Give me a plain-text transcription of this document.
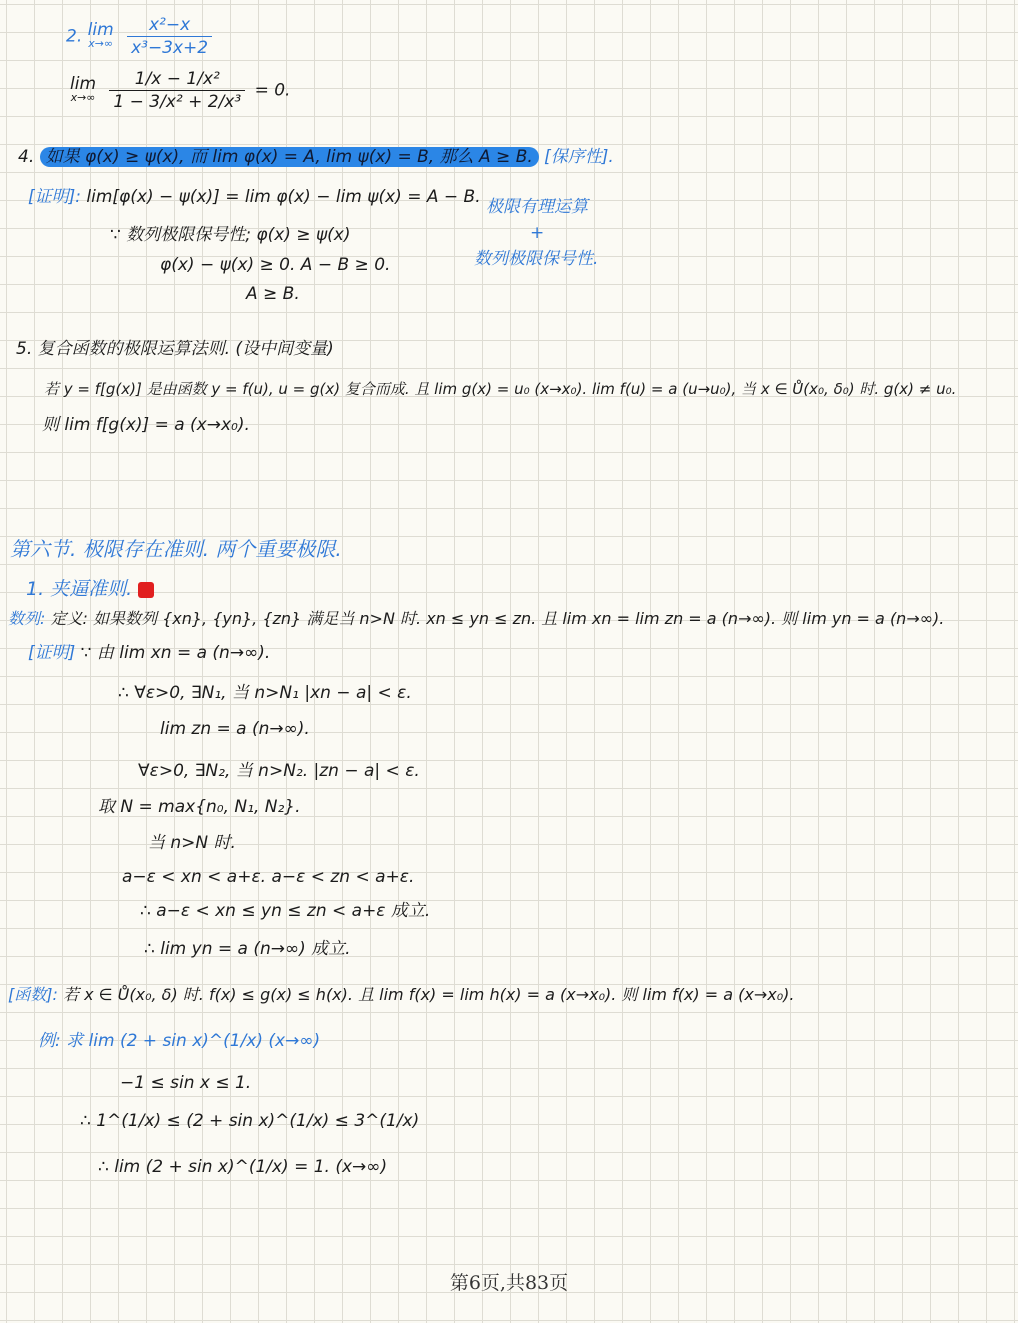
2. lim
x→∞
$\frac{\text{x²−x}}{\text{x³−3x+2}}$
lim
x→∞
$\frac{\text{1/x − 1/x²}}{\text{1 − 3/x² + 2/x³}} = 0$.
4. 如果 φ(x) ≥ ψ(x), 而 lim φ(x) = A, lim ψ(x) = B, 那么 A ≥ B. [保序性].
[证明]: lim[φ(x) − ψ(x)] = lim φ(x) − lim ψ(x) = A − B. 极限有理运算
+
数列极限保号性.
∵ 数列极限保号性; φ(x) ≥ ψ(x)
φ(x) − ψ(x) ≥ 0. A − B ≥ 0.
A ≥ B.
5. 复合函数的极限运算法则. (设中间变量)
若 y = f[g(x)] 是由函数 y = f(u), u = g(x) 复合而成. 且 lim g(x) = u₀ (x→x₀). lim f(u) = a (u→u₀), 当 x ∈ Ů(x₀, δ₀) 时. g(x) ≠ u₀.
则 lim f[g(x)] = a (x→x₀).
第六节. 极限存在准则. 两个重要极限.
1. 夹逼准则.
数列: 定义: 如果数列 {xn}, {yn}, {zn} 满足当 n>N 时. xn ≤ yn ≤ zn. 且 lim xn = lim zn = a (n→∞). 则 lim yn = a (n→∞).
[证明] ∵ 由 lim xn = a (n→∞).
∴ ∀ε>0, ∃N₁, 当 n>N₁ |xn − a| < ε.
lim zn = a (n→∞).
∀ε>0, ∃N₂, 当 n>N₂. |zn − a| < ε.
取 N = max{n₀, N₁, N₂}.
当 n>N 时.
a−ε < xn < a+ε. a−ε < zn < a+ε.
∴ a−ε < xn ≤ yn ≤ zn < a+ε 成立.
∴ lim yn = a (n→∞) 成立.
[函数]: 若 x ∈ Ů(x₀, δ) 时. f(x) ≤ g(x) ≤ h(x). 且 lim f(x) = lim h(x) = a (x→x₀). 则 lim f(x) = a (x→x₀).
例: 求 lim (2 + sin x)^(1/x) (x→∞)
−1 ≤ sin x ≤ 1.
∴ 1^(1/x) ≤ (2 + sin x)^(1/x) ≤ 3^(1/x)
∴ lim (2 + sin x)^(1/x) = 1. (x→∞)
第6页,共83页
